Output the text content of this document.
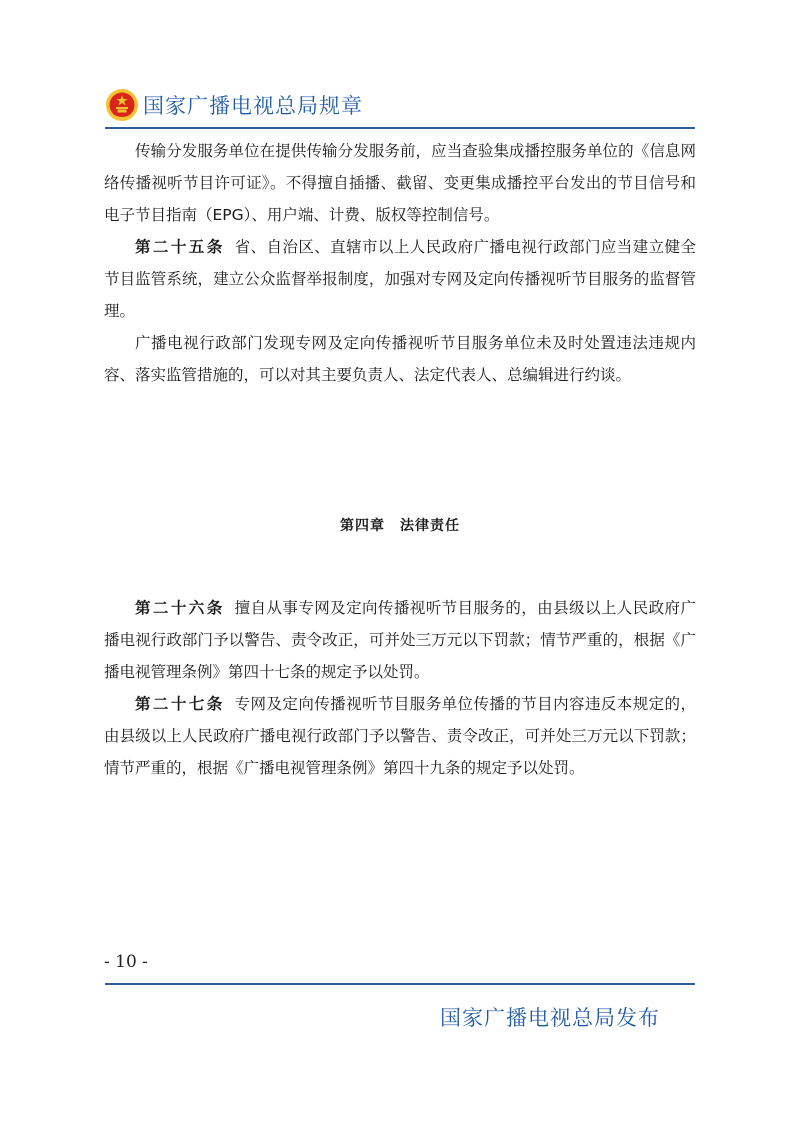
国家广播电视总局规章

传输分发服务单位在提供传输分发服务前，应当查验集成播控服务单位的《信息网络传播视听节目许可证》。不得擅自插播、截留、变更集成播控平台发出的节目信号和电子节目指南（EPG）、用户端、计费、版权等控制信号。

第二十五条 省、自治区、直辖市以上人民政府广播电视行政部门应当建立健全节目监管系统，建立公众监督举报制度，加强对专网及定向传播视听节目服务的监督管理。

广播电视行政部门发现专网及定向传播视听节目服务单位未及时处置违法违规内容、落实监管措施的，可以对其主要负责人、法定代表人、总编辑进行约谈。

第四章　法律责任

第二十六条 擅自从事专网及定向传播视听节目服务的，由县级以上人民政府广播电视行政部门予以警告、责令改正，可并处三万元以下罚款；情节严重的，根据《广播电视管理条例》第四十七条的规定予以处罚。

第二十七条 专网及定向传播视听节目服务单位传播的节目内容违反本规定的，由县级以上人民政府广播电视行政部门予以警告、责令改正，可并处三万元以下罚款；情节严重的，根据《广播电视管理条例》第四十九条的规定予以处罚。

- 10 -
国家广播电视总局发布
